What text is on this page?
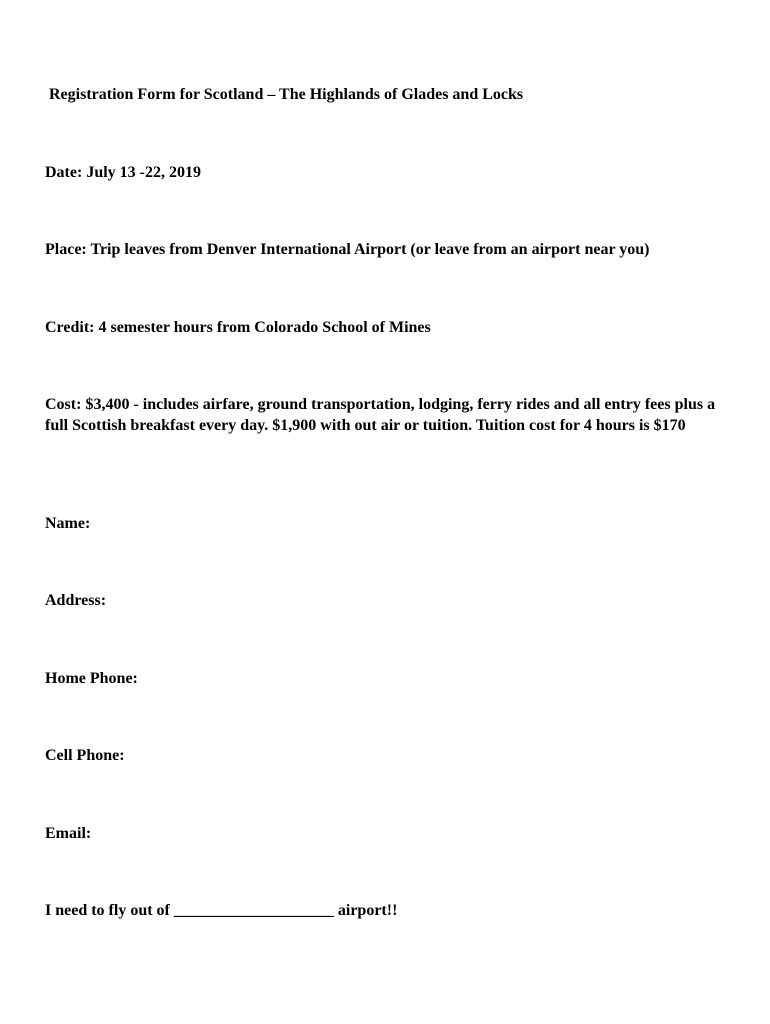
Registration Form for Scotland – The Highlands of Glades and Locks
Date: July 13 -22, 2019
Place: Trip leaves from Denver International Airport (or leave from an airport near you)
Credit: 4 semester hours from Colorado School of Mines
Cost: $3,400 - includes airfare, ground transportation, lodging, ferry rides and all entry fees plus a full Scottish breakfast every day. $1,900 with out air or tuition. Tuition cost for 4 hours is $170
Name:
Address:
Home Phone:
Cell Phone:
Email:
I need to fly out of ____________________ airport!!
